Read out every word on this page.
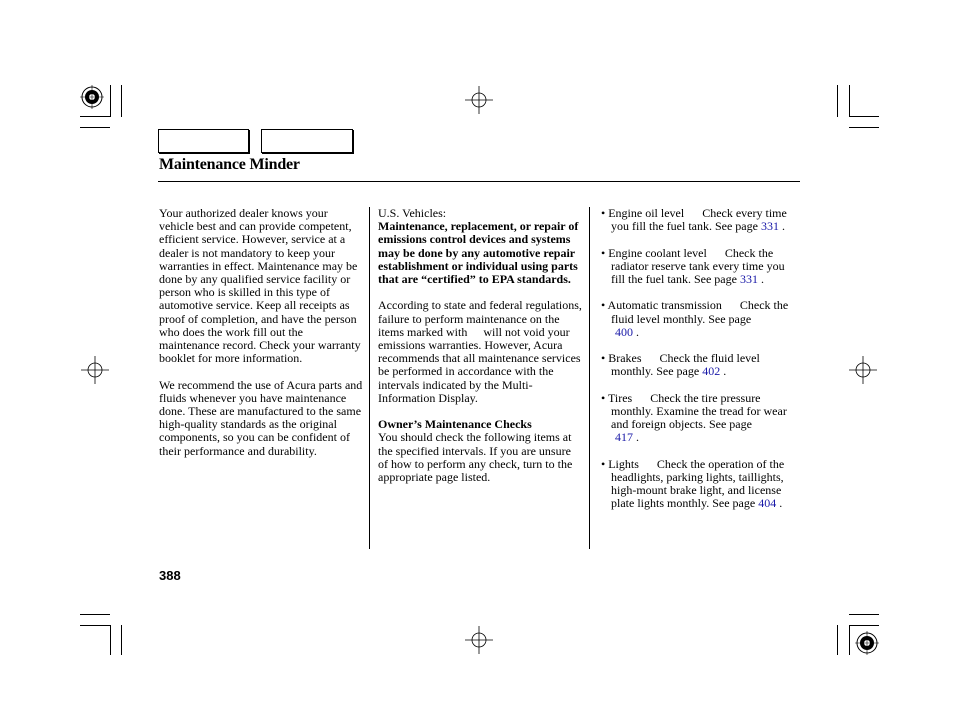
Maintenance Minder

Your authorized dealer knows your vehicle best and can provide competent, efficient service. However, service at a dealer is not mandatory to keep your warranties in effect. Maintenance may be done by any qualified service facility or person who is skilled in this type of automotive service. Keep all receipts as proof of completion, and have the person who does the work fill out the maintenance record. Check your warranty booklet for more information.

We recommend the use of Acura parts and fluids whenever you have maintenance done. These are manufactured to the same high-quality standards as the original components, so you can be confident of their performance and durability.

U.S. Vehicles:
Maintenance, replacement, or repair of emissions control devices and systems may be done by any automotive repair establishment or individual using parts that are “certified” to EPA standards.

According to state and federal regulations, failure to perform maintenance on the items marked with will not void your emissions warranties. However, Acura recommends that all maintenance services be performed in accordance with the intervals indicated by the Multi-Information Display.

Owner’s Maintenance Checks
You should check the following items at the specified intervals. If you are unsure of how to perform any check, turn to the appropriate page listed.

• Engine oil level Check every time you fill the fuel tank. See page 331 .

• Engine coolant level Check the radiator reserve tank every time you fill the fuel tank. See page 331 .

• Automatic transmission Check the fluid level monthly. See page
400 .

• Brakes Check the fluid level monthly. See page 402 .

• Tires Check the tire pressure monthly. Examine the tread for wear and foreign objects. See page
417 .

• Lights Check the operation of the headlights, parking lights, taillights, high-mount brake light, and license plate lights monthly. See page 404 .

388
